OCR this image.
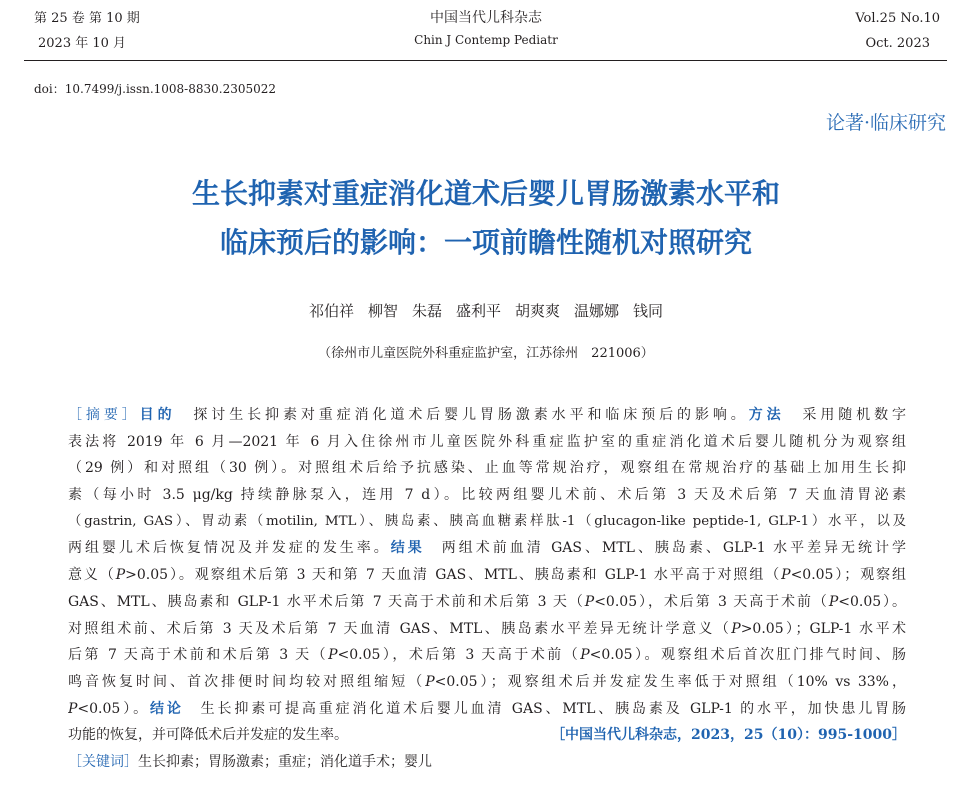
第 25 卷 第 10 期
2023 年 10 月
中国当代儿科杂志
Chin J Contemp Pediatr
Vol.25 No.10
Oct. 2023
doi：10.7499/j.issn.1008-8830.2305022
论著·临床研究
生长抑素对重症消化道术后婴儿胃肠激素水平和
临床预后的影响：一项前瞻性随机对照研究
祁伯祥 柳智 朱磊 盛利平 胡爽爽 温娜娜 钱同
（徐州市儿童医院外科重症监护室，江苏徐州　221006）
［摘要］目的　探讨生长抑素对重症消化道术后婴儿胃肠激素水平和临床预后的影响。方法　采用随机数字
表法将 2019 年 6 月—2021 年 6 月入住徐州市儿童医院外科重症监护室的重症消化道术后婴儿随机分为观察组
（29 例）和对照组（30 例）。对照组术后给予抗感染、止血等常规治疗，观察组在常规治疗的基础上加用生长抑
素（每小时 3.5 μg/kg 持续静脉泵入，连用 7 d）。比较两组婴儿术前、术后第 3 天及术后第 7 天血清胃泌素
（gastrin, GAS）、胃动素（motilin, MTL）、胰岛素、胰高血糖素样肽-1（glucagon-like peptide-1, GLP-1）水平，以及
两组婴儿术后恢复情况及并发症的发生率。结果　两组术前血清 GAS、MTL、胰岛素、GLP-1 水平差异无统计学
意义（P>0.05）。观察组术后第 3 天和第 7 天血清 GAS、MTL、胰岛素和 GLP-1 水平高于对照组（P<0.05）；观察组
GAS、MTL、胰岛素和 GLP-1 水平术后第 7 天高于术前和术后第 3 天（P<0.05），术后第 3 天高于术前（P<0.05）。
对照组术前、术后第 3 天及术后第 7 天血清 GAS、MTL、胰岛素水平差异无统计学意义（P>0.05）；GLP-1 水平术
后第 7 天高于术前和术后第 3 天（P<0.05），术后第 3 天高于术前（P<0.05）。观察组术后首次肛门排气时间、肠
鸣音恢复时间、首次排便时间均较对照组缩短（P<0.05）；观察组术后并发症发生率低于对照组（10% vs 33%，
P<0.05）。结论　生长抑素可提高重症消化道术后婴儿血清 GAS、MTL、胰岛素及 GLP-1 的水平，加快患儿胃肠
功能的恢复，并可降低术后并发症的发生率。	［中国当代儿科杂志，2023，25（10）：995-1000］
［关键词］生长抑素；胃肠激素；重症；消化道手术；婴儿
